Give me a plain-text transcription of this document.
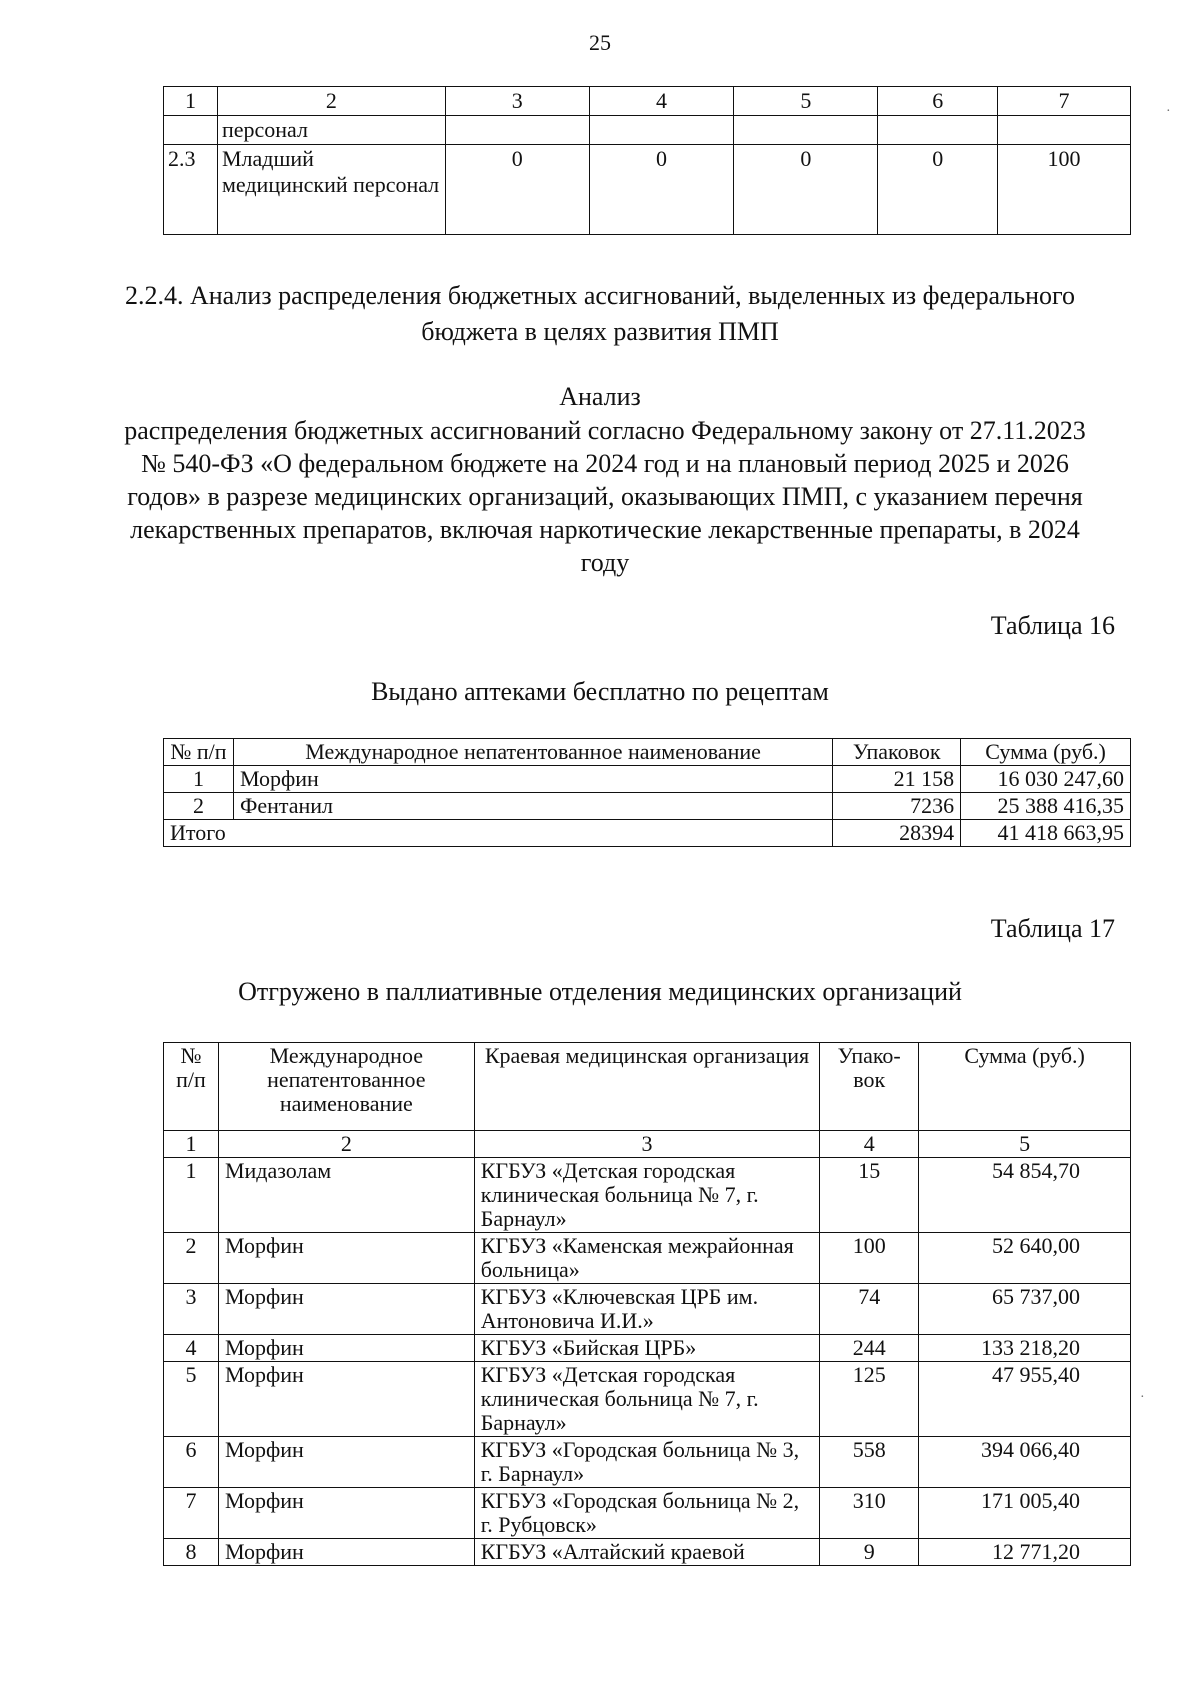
25
1	2	3	4	5	6	7
	персонал					
2.3	Младший медицинский персонал	0	0	0	0	100
2.2.4. Анализ распределения бюджетных ассигнований, выделенных из федерального бюджета в целях развития ПМП
Анализ
распределения бюджетных ассигнований согласно Федеральному закону от 27.11.2023 № 540-ФЗ «О федеральном бюджете на 2024 год и на плановый период 2025 и 2026 годов» в разрезе медицинских организаций, оказывающих ПМП, с указанием перечня лекарственных препаратов, включая наркотические лекарственные препараты, в 2024 году
Таблица 16
Выдано аптеками бесплатно по рецептам
№ п/п	Международное непатентованное наименование	Упаковок	Сумма (руб.)
1	Морфин	21 158	16 030 247,60
2	Фентанил	7236	25 388 416,35
Итого		28394	41 418 663,95
Таблица 17
Отгружено в паллиативные отделения медицинских организаций
№ п/п	Международное непатентованное наименование	Краевая медицинская организация	Упако-вок	Сумма (руб.)
1	2	3	4	5
1	Мидазолам	КГБУЗ «Детская городская клиническая больница № 7, г. Барнаул»	15	54 854,70
2	Морфин	КГБУЗ «Каменская межрайонная больница»	100	52 640,00
3	Морфин	КГБУЗ «Ключевская ЦРБ им. Антоновича И.И.»	74	65 737,00
4	Морфин	КГБУЗ «Бийская ЦРБ»	244	133 218,20
5	Морфин	КГБУЗ «Детская городская клиническая больница № 7, г. Барнаул»	125	47 955,40
6	Морфин	КГБУЗ «Городская больница № 3, г. Барнаул»	558	394 066,40
7	Морфин	КГБУЗ «Городская больница № 2, г. Рубцовск»	310	171 005,40
8	Морфин	КГБУЗ «Алтайский краевой	9	12 771,20
·
·
